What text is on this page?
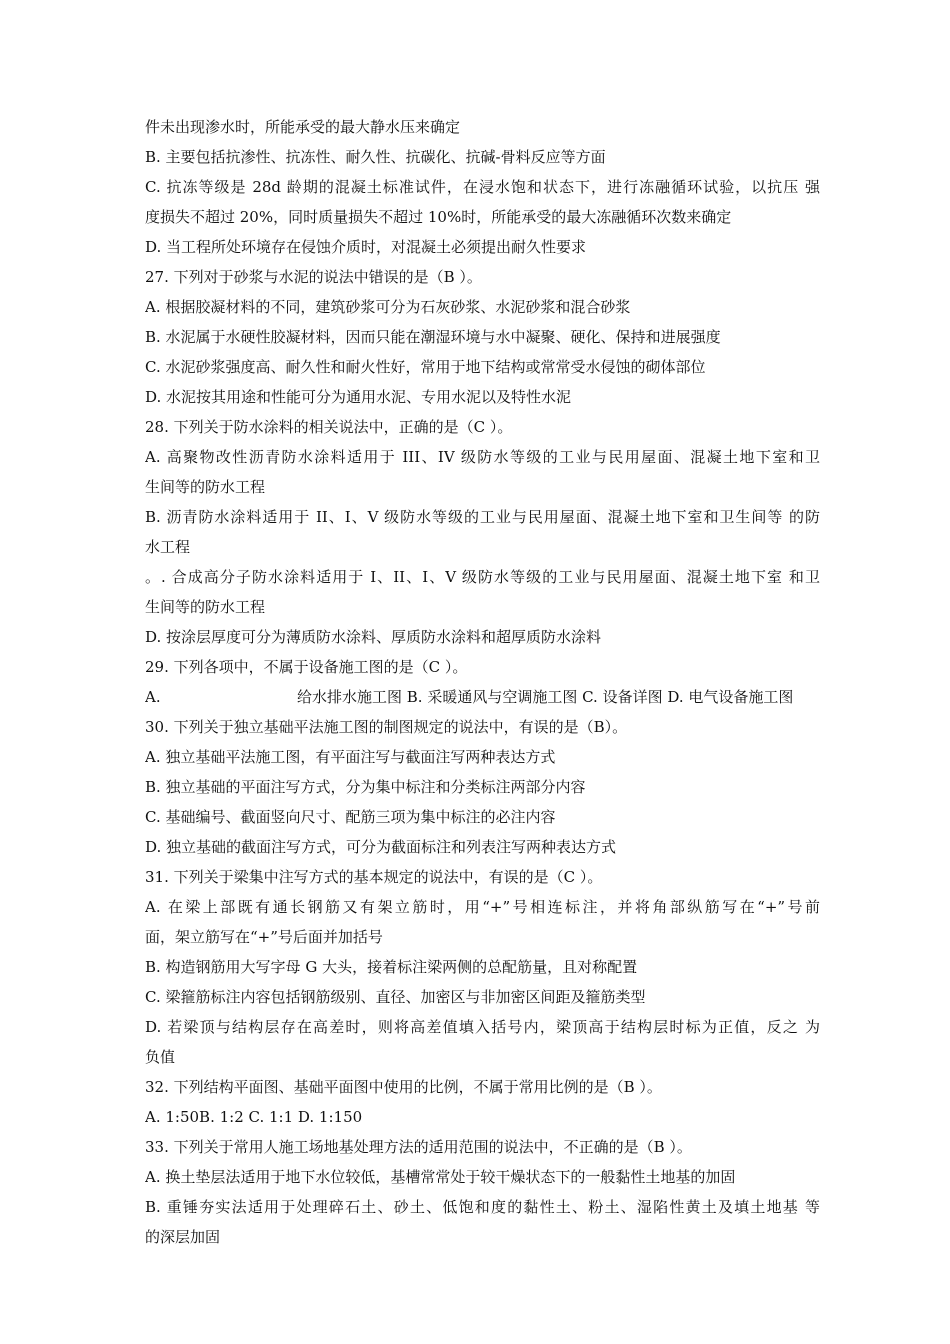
件未出现渗水时，所能承受的最大静水压来确定
B. 主要包括抗渗性、抗冻性、耐久性、抗碳化、抗碱-骨料反应等方面
C. 抗冻等级是 28d 龄期的混凝土标准试件，在浸水饱和状态下，进行冻融循环试验，以抗压 强
度损失不超过 20%，同时质量损失不超过 10%时，所能承受的最大冻融循环次数来确定
D. 当工程所处环境存在侵蚀介质时，对混凝土必须提出耐久性要求
27. 下列对于砂浆与水泥的说法中错误的是（B ）。
A. 根据胶凝材料的不同，建筑砂浆可分为石灰砂浆、水泥砂浆和混合砂浆
B. 水泥属于水硬性胶凝材料，因而只能在潮湿环境与水中凝聚、硬化、保持和进展强度
C. 水泥砂浆强度高、耐久性和耐火性好，常用于地下结构或常常受水侵蚀的砌体部位
D. 水泥按其用途和性能可分为通用水泥、专用水泥以及特性水泥
28. 下列关于防水涂料的相关说法中，正确的是（C ）。
A. 高聚物改性沥青防水涂料适用于 III、IV 级防水等级的工业与民用屋面、混凝土地下室和卫
生间等的防水工程
B. 沥青防水涂料适用于 II、I、V 级防水等级的工业与民用屋面、混凝土地下室和卫生间等 的防
水工程
。. 合成高分子防水涂料适用于 I、II、I、V 级防水等级的工业与民用屋面、混凝土地下室 和卫
生间等的防水工程
D. 按涂层厚度可分为薄质防水涂料、厚质防水涂料和超厚质防水涂料
29. 下列各项中，不属于设备施工图的是（C ）。
A.	给水排水施工图 B. 采暖通风与空调施工图 C. 设备详图 D. 电气设备施工图
30. 下列关于独立基础平法施工图的制图规定的说法中，有误的是（B）。
A. 独立基础平法施工图，有平面注写与截面注写两种表达方式
B. 独立基础的平面注写方式，分为集中标注和分类标注两部分内容
C. 基础编号、截面竖向尺寸、配筋三项为集中标注的必注内容
D. 独立基础的截面注写方式，可分为截面标注和列表注写两种表达方式
31. 下列关于梁集中注写方式的基本规定的说法中，有误的是（C ）。
A. 在梁上部既有通长钢筋又有架立筋时，用“+”号相连标注，并将角部纵筋写在“+”号前
面，架立筋写在“+”号后面并加括号
B. 构造钢筋用大写字母 G 大头，接着标注梁两侧的总配筋量，且对称配置
C. 梁箍筋标注内容包括钢筋级别、直径、加密区与非加密区间距及箍筋类型
D. 若梁顶与结构层存在高差时，则将高差值填入括号内，梁顶高于结构层时标为正值，反之 为
负值
32. 下列结构平面图、基础平面图中使用的比例，不属于常用比例的是（B ）。
A. 1:50B. 1:2 C. 1:1 D. 1:150
33. 下列关于常用人施工场地基处理方法的适用范围的说法中，不正确的是（B ）。
A. 换土垫层法适用于地下水位较低，基槽常常处于较干燥状态下的一般黏性土地基的加固
B. 重锤夯实法适用于处理碎石土、砂土、低饱和度的黏性土、粉土、湿陷性黄土及填土地基 等
的深层加固
